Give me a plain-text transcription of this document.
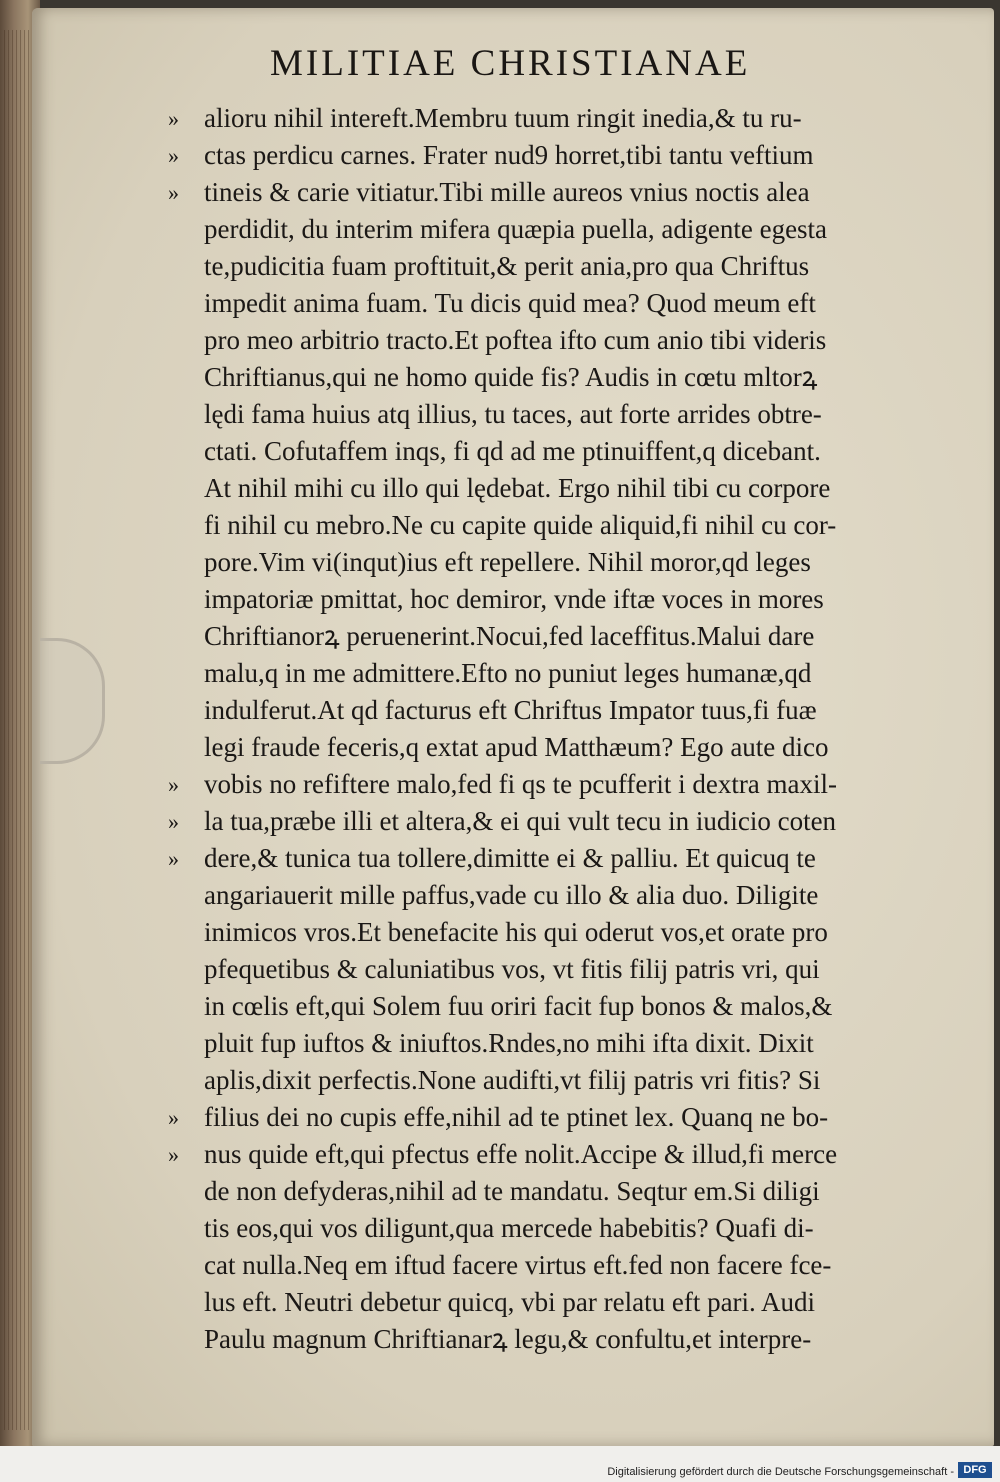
MILITIAE CHRISTIANAE
»
»
»
»
»
»
»
»
alioru nihil intereft.Membru tuum ringit inedia,& tu ru-
ctas perdicu carnes. Frater nud9 horret,tibi tantu veftium
tineis & carie vitiatur.Tibi mille aureos vnius noctis alea
perdidit, du interim mifera quæpia puella, adigente egesta
te,pudicitia fuam proftituit,& perit ania,pro qua Chriftus
impedit anima fuam. Tu dicis quid mea? Quod meum eft
pro meo arbitrio tracto.Et poftea ifto cum anio tibi videris
Chriftianus,qui ne homo quide fis? Audis in cœtu mltorꝝ
lędi fama huius atq illius, tu taces, aut forte arrides obtre-
ctati. Cofutaffem inqs, fi qd ad me ptinuiffent,q dicebant.
At nihil mihi cu illo qui lędebat. Ergo nihil tibi cu corpore
fi nihil cu mebro.Ne cu capite quide aliquid,fi nihil cu cor-
pore.Vim vi(inqut)ius eft repellere. Nihil moror,qd leges
impatoriæ pmittat, hoc demiror, vnde iftæ voces in mores
Chriftianorꝝ peruenerint.Nocui,fed laceffitus.Malui dare
malu,q in me admittere.Efto no puniut leges humanæ,qd
indulferut.At qd facturus eft Chriftus Impator tuus,fi fuæ
legi fraude feceris,q extat apud Matthæum? Ego aute dico
vobis no refiftere malo,fed fi qs te pcufferit i dextra maxil-
la tua,præbe illi et altera,& ei qui vult tecu in iudicio coten
dere,& tunica tua tollere,dimitte ei & palliu. Et quicuq te
angariauerit mille paffus,vade cu illo & alia duo. Diligite
inimicos vros.Et benefacite his qui oderut vos,et orate pro
pfequetibus & caluniatibus vos, vt fitis filij patris vri, qui
in cœlis eft,qui Solem fuu oriri facit fup bonos & malos,&
pluit fup iuftos & iniuftos.Rndes,no mihi ifta dixit. Dixit
aplis,dixit perfectis.None audifti,vt filij patris vri fitis? Si
filius dei no cupis effe,nihil ad te ptinet lex. Quanq ne bo-
nus quide eft,qui pfectus effe nolit.Accipe & illud,fi merce
de non defyderas,nihil ad te mandatu. Seqtur em.Si diligi
tis eos,qui vos diligunt,qua mercede habebitis? Quafi di-
cat nulla.Neq em iftud facere virtus eft.fed non facere fce-
lus eft. Neutri debetur quicq, vbi par relatu eft pari. Audi
Paulu magnum Chriftianarꝝ legu,& confultu,et interpre-
Digitalisierung gefördert durch die Deutsche Forschungsgemeinschaft - DFG
